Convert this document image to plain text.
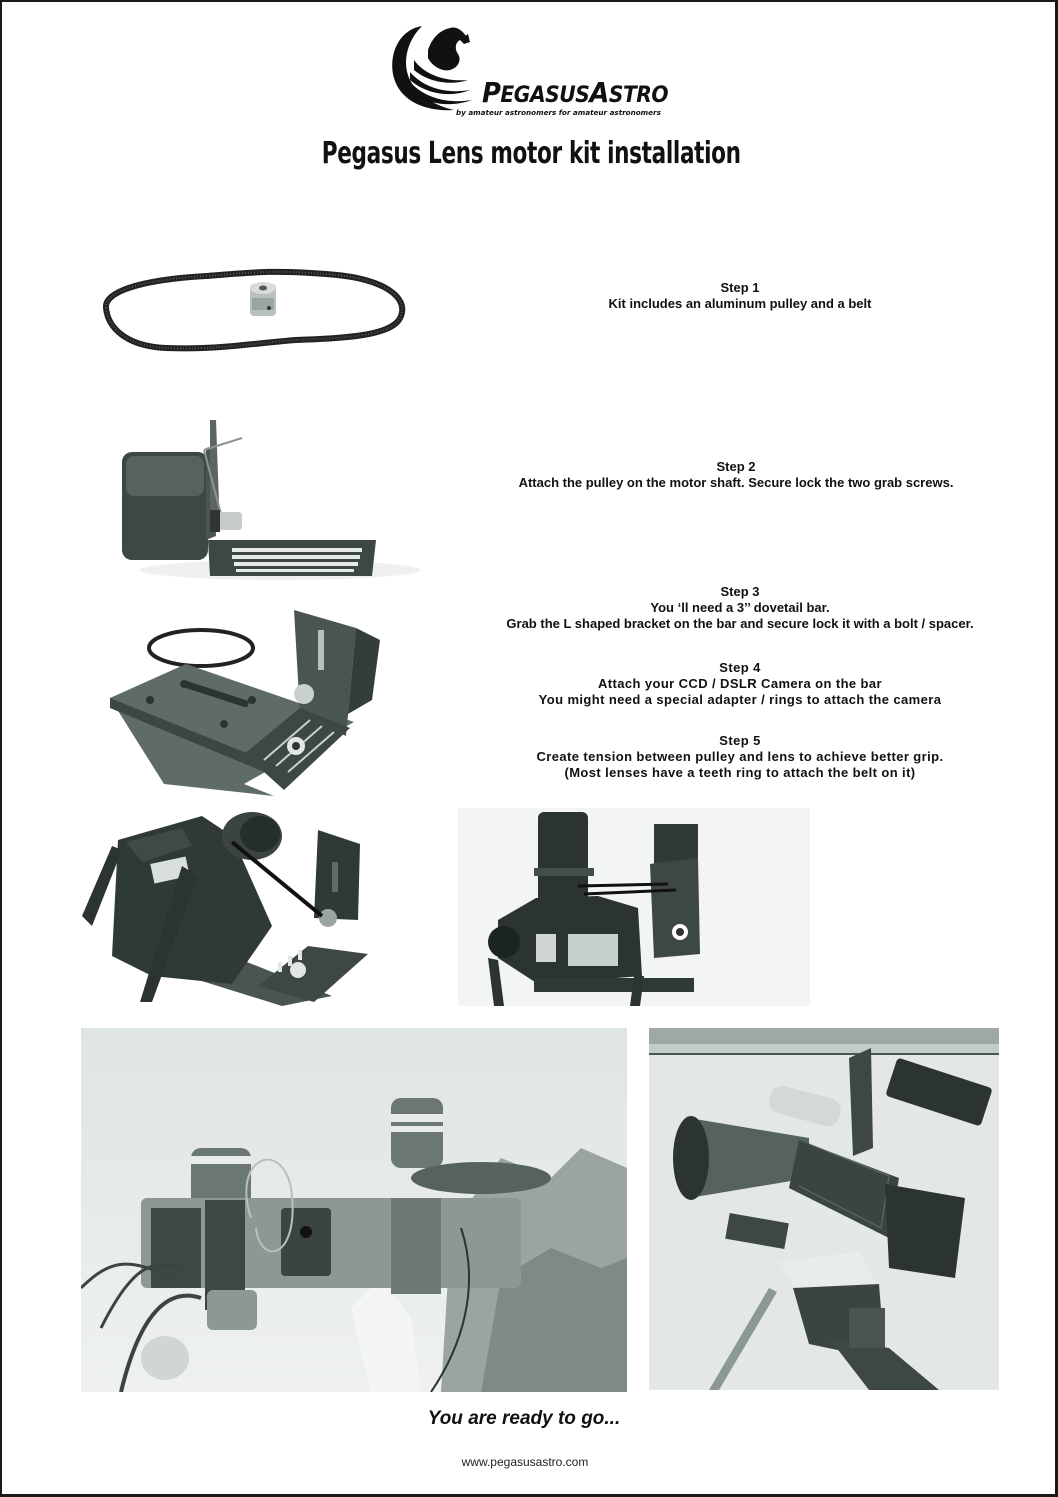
PEGASUSASTRO
by amateur astronomers for amateur astronomers
Pegasus Lens motor kit installation
Step 1
Kit includes an aluminum pulley and a belt
Step 2
Attach the pulley on the motor shaft. Secure lock the two grab screws.
Step 3
You ‘ll need a 3’’ dovetail bar.
Grab the L shaped bracket on the bar and secure lock it with a bolt / spacer.
Step 4
Attach your CCD / DSLR Camera on the bar
You might need a special adapter / rings to attach the camera
Step 5
Create tension between pulley and lens to achieve better grip.
(Most lenses have a teeth ring to attach the belt on it)
You are ready to go...
www.pegasusastro.com
